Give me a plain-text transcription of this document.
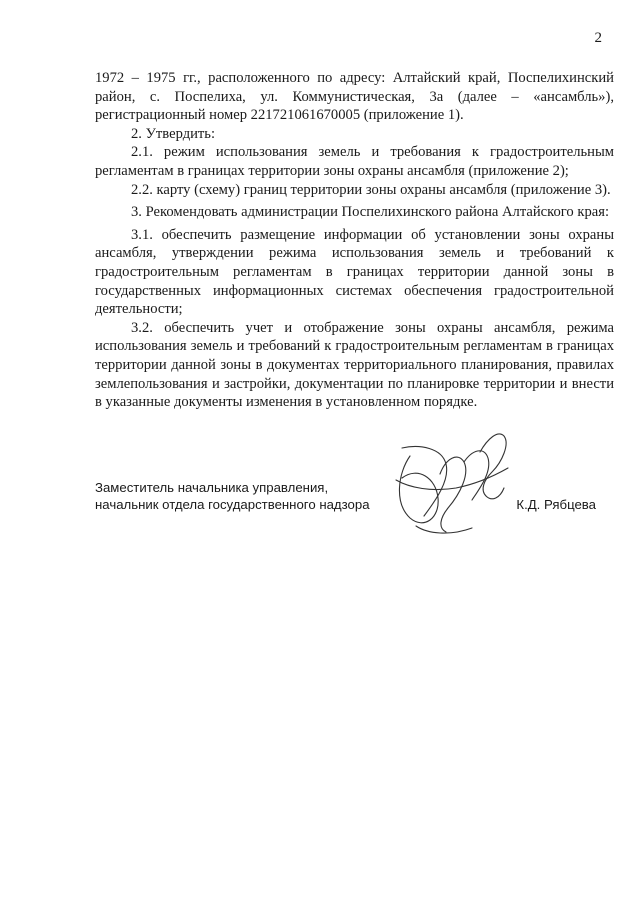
2

1972 – 1975 гг., расположенного по адресу: Алтайский край, Поспелихинский район, с. Поспелиха, ул. Коммунистическая, 3а (далее – «ансамбль»), регистрационный номер 221721061670005 (приложение 1).

2. Утвердить:

2.1. режим использования земель и требования к градостроительным регламентам в границах территории зоны охраны ансамбля (приложение 2);

2.2. карту (схему) границ территории зоны охраны ансамбля (приложение 3).

3. Рекомендовать администрации Поспелихинского района Алтайского края:

3.1. обеспечить размещение информации об установлении зоны охраны ансамбля, утверждении режима использования земель и требований к градостроительным регламентам в границах территории данной зоны в государственных информационных системах обеспечения градостроительной деятельности;

3.2. обеспечить учет и отображение зоны охраны ансамбля, режима использования земель и требований к градостроительным регламентам в границах территории данной зоны в документах территориального планирования, правилах землепользования и застройки, документации по планировке территории и внести в указанные документы изменения в установленном порядке.

Заместитель начальника управления,
начальник отдела государственного надзора	К.Д. Рябцева
